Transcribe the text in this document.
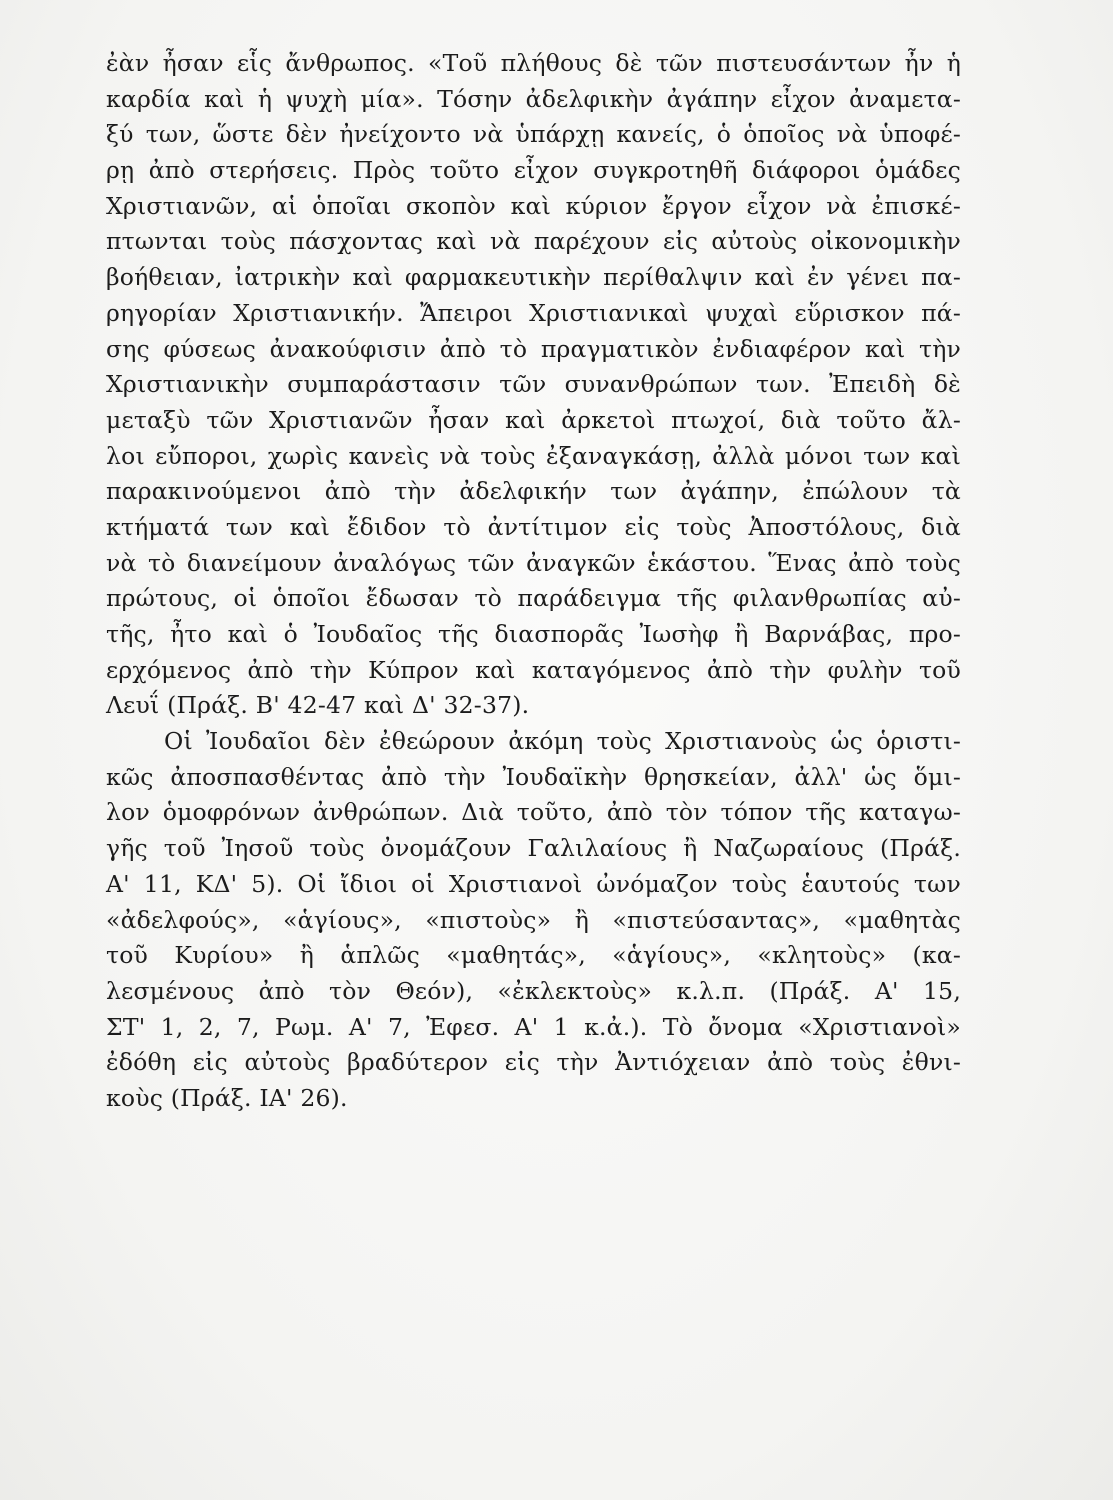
ἐὰν ἦσαν εἷς ἄνθρωπος. «Τοῦ πλήθους δὲ τῶν πιστευσάντων ἦν ἡ
καρδία καὶ ἡ ψυχὴ μία». Τόσην ἀδελφικὴν ἀγάπην εἶχον ἀναμετα-
ξύ των, ὥστε δὲν ἠνείχοντο νὰ ὑπάρχῃ κανείς, ὁ ὁποῖος νὰ ὑποφέ-
ρῃ ἀπὸ στερήσεις. Πρὸς τοῦτο εἶχον συγκροτηθῆ διάφοροι ὁμάδες
Χριστιανῶν, αἱ ὁποῖαι σκοπὸν καὶ κύριον ἔργον εἶχον νὰ ἐπισκέ-
πτωνται τοὺς πάσχοντας καὶ νὰ παρέχουν εἰς αὐτοὺς οἰκονομικὴν
βοήθειαν, ἰατρικὴν καὶ φαρμακευτικὴν περίθαλψιν καὶ ἐν γένει πα-
ρηγορίαν Χριστιανικήν. Ἄπειροι Χριστιανικαὶ ψυχαὶ εὕρισκον πά-
σης φύσεως ἀνακούφισιν ἀπὸ τὸ πραγματικὸν ἐνδιαφέρον καὶ τὴν
Χριστιανικὴν συμπαράστασιν τῶν συνανθρώπων των. Ἐπειδὴ δὲ
μεταξὺ τῶν Χριστιανῶν ἦσαν καὶ ἀρκετοὶ πτωχοί, διὰ τοῦτο ἄλ-
λοι εὔποροι, χωρὶς κανεὶς νὰ τοὺς ἐξαναγκάσῃ, ἀλλὰ μόνοι των καὶ
παρακινούμενοι ἀπὸ τὴν ἀδελφικήν των ἀγάπην, ἐπώλουν τὰ
κτήματά των καὶ ἔδιδον τὸ ἀντίτιμον εἰς τοὺς Ἀποστόλους, διὰ
νὰ τὸ διανείμουν ἀναλόγως τῶν ἀναγκῶν ἑκάστου. Ἕνας ἀπὸ τοὺς
πρώτους, οἱ ὁποῖοι ἔδωσαν τὸ παράδειγμα τῆς φιλανθρωπίας αὐ-
τῆς, ἦτο καὶ ὁ Ἰουδαῖος τῆς διασπορᾶς Ἰωσὴφ ἢ Βαρνάβας, προ-
ερχόμενος ἀπὸ τὴν Κύπρον καὶ καταγόμενος ἀπὸ τὴν φυλὴν τοῦ
Λευΐ (Πράξ. Β' 42-47 καὶ Δ' 32-37).
Οἱ Ἰουδαῖοι δὲν ἐθεώρουν ἀκόμη τοὺς Χριστιανοὺς ὡς ὁριστι-
κῶς ἀποσπασθέντας ἀπὸ τὴν Ἰουδαϊκὴν θρησκείαν, ἀλλ' ὡς ὅμι-
λον ὁμοφρόνων ἀνθρώπων. Διὰ τοῦτο, ἀπὸ τὸν τόπον τῆς καταγω-
γῆς τοῦ Ἰησοῦ τοὺς ὀνομάζουν Γαλιλαίους ἢ Ναζωραίους (Πράξ.
Α' 11, ΚΔ' 5). Οἱ ἴδιοι οἱ Χριστιανοὶ ὠνόμαζον τοὺς ἑαυτούς των
«ἀδελφούς», «ἁγίους», «πιστοὺς» ἢ «πιστεύσαντας», «μαθητὰς
τοῦ Κυρίου» ἢ ἁπλῶς «μαθητάς», «ἁγίους», «κλητοὺς» (κα-
λεσμένους ἀπὸ τὸν Θεόν), «ἐκλεκτοὺς» κ.λ.π. (Πράξ. Α' 15,
ΣΤ' 1, 2, 7, Ρωμ. Α' 7, Ἐφεσ. Α' 1 κ.ἀ.). Τὸ ὄνομα «Χριστιανοὶ»
ἐδόθη εἰς αὐτοὺς βραδύτερον εἰς τὴν Ἀντιόχειαν ἀπὸ τοὺς ἐθνι-
κοὺς (Πράξ. ΙΑ' 26).
